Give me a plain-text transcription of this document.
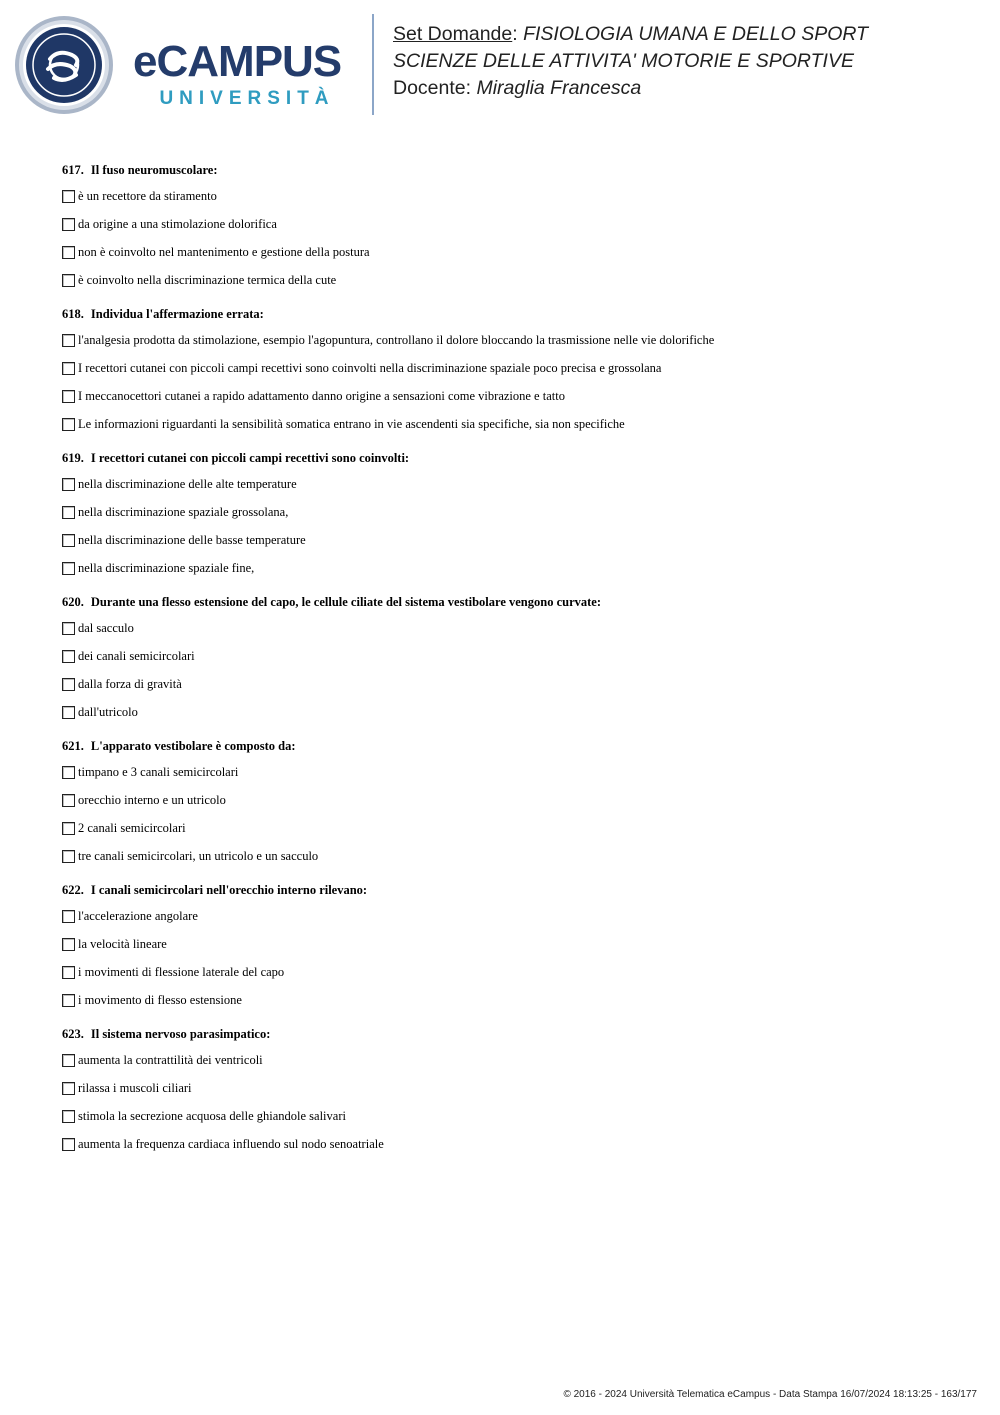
eCAMPUS
UNIVERSITÀ
Set Domande: FISIOLOGIA UMANA E DELLO SPORT
SCIENZE DELLE ATTIVITA' MOTORIE E SPORTIVE
Docente: Miraglia Francesca
617. Il fuso neuromuscolare:
è un recettore da stiramento
da origine a una stimolazione dolorifica
non è coinvolto nel mantenimento e gestione della postura
è coinvolto nella discriminazione termica della cute
618. Individua l'affermazione errata:
l'analgesia prodotta da stimolazione, esempio l'agopuntura, controllano il dolore bloccando la trasmissione nelle vie dolorifiche
I recettori cutanei con piccoli campi recettivi sono coinvolti nella discriminazione spaziale poco precisa e grossolana
I meccanocettori cutanei a rapido adattamento danno origine a sensazioni come vibrazione e tatto
Le informazioni riguardanti la sensibilità somatica entrano in vie ascendenti sia specifiche, sia non specifiche
619. I recettori cutanei con piccoli campi recettivi sono coinvolti:
nella discriminazione delle alte temperature
nella discriminazione spaziale grossolana,
nella discriminazione delle basse temperature
nella discriminazione spaziale fine,
620. Durante una flesso estensione del capo, le cellule ciliate del sistema vestibolare vengono curvate:
dal sacculo
dei canali semicircolari
dalla forza di gravità
dall'utricolo
621. L'apparato vestibolare è composto da:
timpano e 3 canali semicircolari
orecchio interno e un utricolo
2 canali semicircolari
tre canali semicircolari, un utricolo e un sacculo
622. I canali semicircolari nell'orecchio interno rilevano:
l'accelerazione angolare
la velocità lineare
i movimenti di flessione laterale del capo
i movimento di flesso estensione
623. Il sistema nervoso parasimpatico:
aumenta la contrattilità dei ventricoli
rilassa i muscoli ciliari
stimola la secrezione acquosa delle ghiandole salivari
aumenta la frequenza cardiaca influendo sul nodo senoatriale
© 2016 - 2024 Università Telematica eCampus - Data Stampa 16/07/2024 18:13:25 - 163/177
